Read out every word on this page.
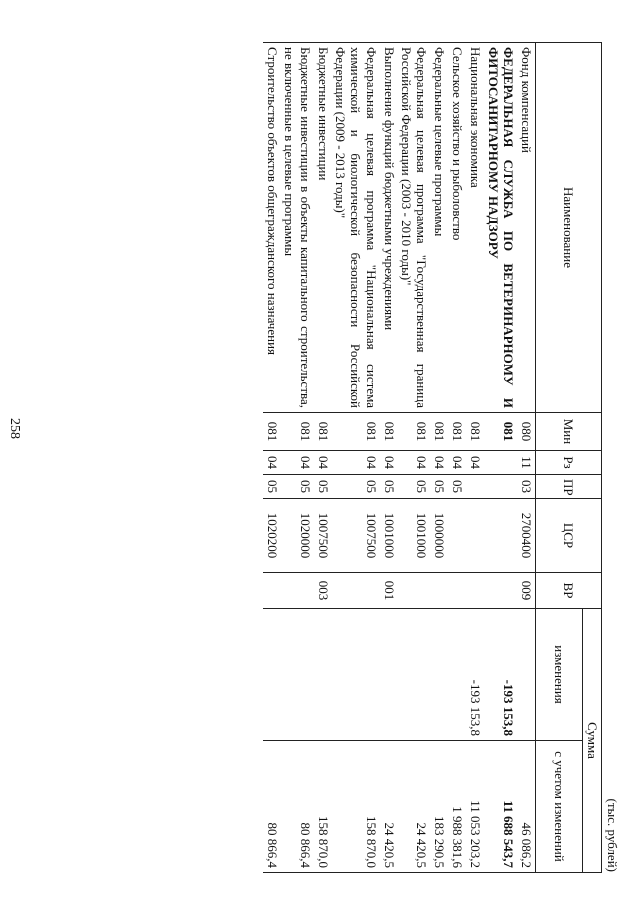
258
(тыс. рублей)
Наименование	Мин	Рз	ПР	ЦСР	ВР	Сумма	
						изменения	с учетом изменений
Фонд компенсаций	080	11	03	2700400	009		46 086,2
ФЕДЕРАЛЬНАЯ СЛУЖБА ПО ВЕТЕРИНАРНОМУ И ФИТОСАНИТАРНОМУ НАДЗОРУ	081					-193 153,8	11 688 543,7
Национальная экономика	081	04				-193 153,8	11 053 203,2
Сельское хозяйство и рыболовство	081	04	05				1 988 381,6
Федеральные целевые программы	081	04	05	1000000			183 290,5
Федеральная целевая программа "Государственная граница Российской Федерации (2003 - 2010 годы)"	081	04	05	1001000			24 420,5
Выполнение функций бюджетными учреждениями	081	04	05	1001000	001		24 420,5
Федеральная целевая программа "Национальная система химической и биологической безопасности Российской Федерации (2009 - 2013 годы)"	081	04	05	1007500			158 870,0
Бюджетные инвестиции	081	04	05	1007500	003		158 870,0
Бюджетные инвестиции в объекты капитального строительства, не включенные в целевые программы	081	04	05	1020000			80 866,4
Строительство объектов общегражданского назначения	081	04	05	1020200			80 866,4
